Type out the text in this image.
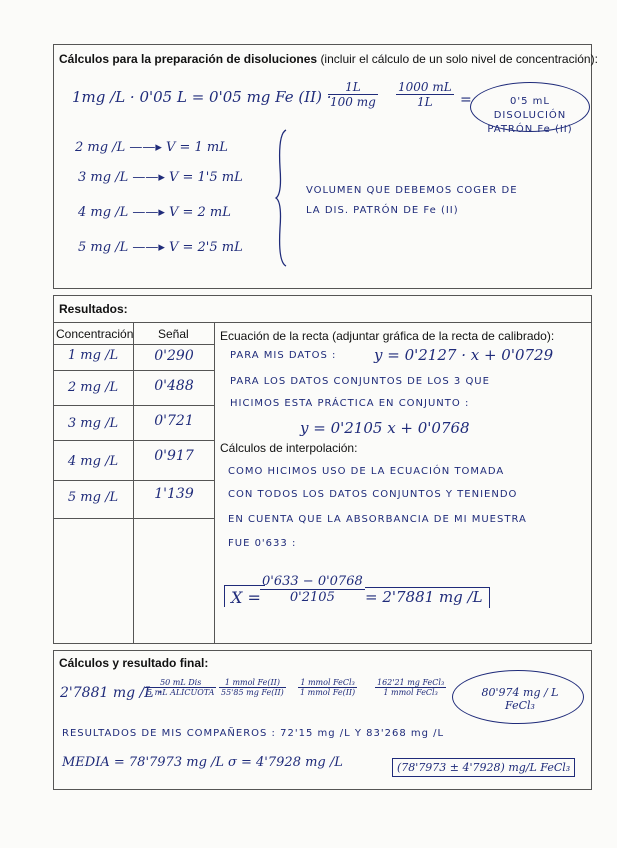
Cálculos para la preparación de disoluciones (incluir el cálculo de un solo nivel de concentración):
1mg /L · 0'05 L = 0'05 mg Fe (II) ·
$\frac{1L}{100 mg} \frac{1000 mL}{1L}$ =	0'5 mL DISOLUCIÓN PATRÓN Fe (II)
2 mg /L ——▸ V = 1 mL
3 mg /L ——▸ V = 1'5 mL
4 mg /L ——▸ V = 2 mL
5 mg /L ——▸ V = 2'5 mL
VOLUMEN QUE DEBEMOS COGER DE
LA DIS. PATRÓN DE Fe (II)
Resultados:
Concentración Señal
1 mg /L	0'290
2 mg /L	0'488
3 mg /L	0'721
4 mg /L	0'917
5 mg /L	1'139
Ecuación de la recta (adjuntar gráfica de la recta de calibrado):
PARA MIS DATOS :	y = 0'2127 · x + 0'0729
PARA LOS DATOS CONJUNTOS DE LOS 3 QUE
HICIMOS ESTA PRÁCTICA EN CONJUNTO :
y = 0'2105 x + 0'0768
Cálculos de interpolación:
COMO HICIMOS USO DE LA ECUACIÓN TOMADA
CON TODOS LOS DATOS CONJUNTOS Y TENIENDO
EN CUENTA QUE LA ABSORBANCIA DE MI MUESTRA
FUE 0'633 :
$X = \frac{0'633 - 0'0768}{0'2105} = 2'7881$ mg /L
Cálculos y resultado final:
2'7881 mg /L ·
50 mL Dis
5 mL ALÍCUOTA
1 mmol Fe(II)
55'85 mg Fe(II)
1 mmol FeCl₃
1 mmol Fe(II)
162'21 mg FeCl₃
1 mmol FeCl₃	80'974 mg / L FeCl₃
RESULTADOS DE MIS COMPAÑEROS : 72'15 mg /L Y 83'268 mg /L
MEDIA = 78'7973 mg /L σ = 4'7928 mg /L	(78'7973 ± 4'7928) mg/L FeCl₃
